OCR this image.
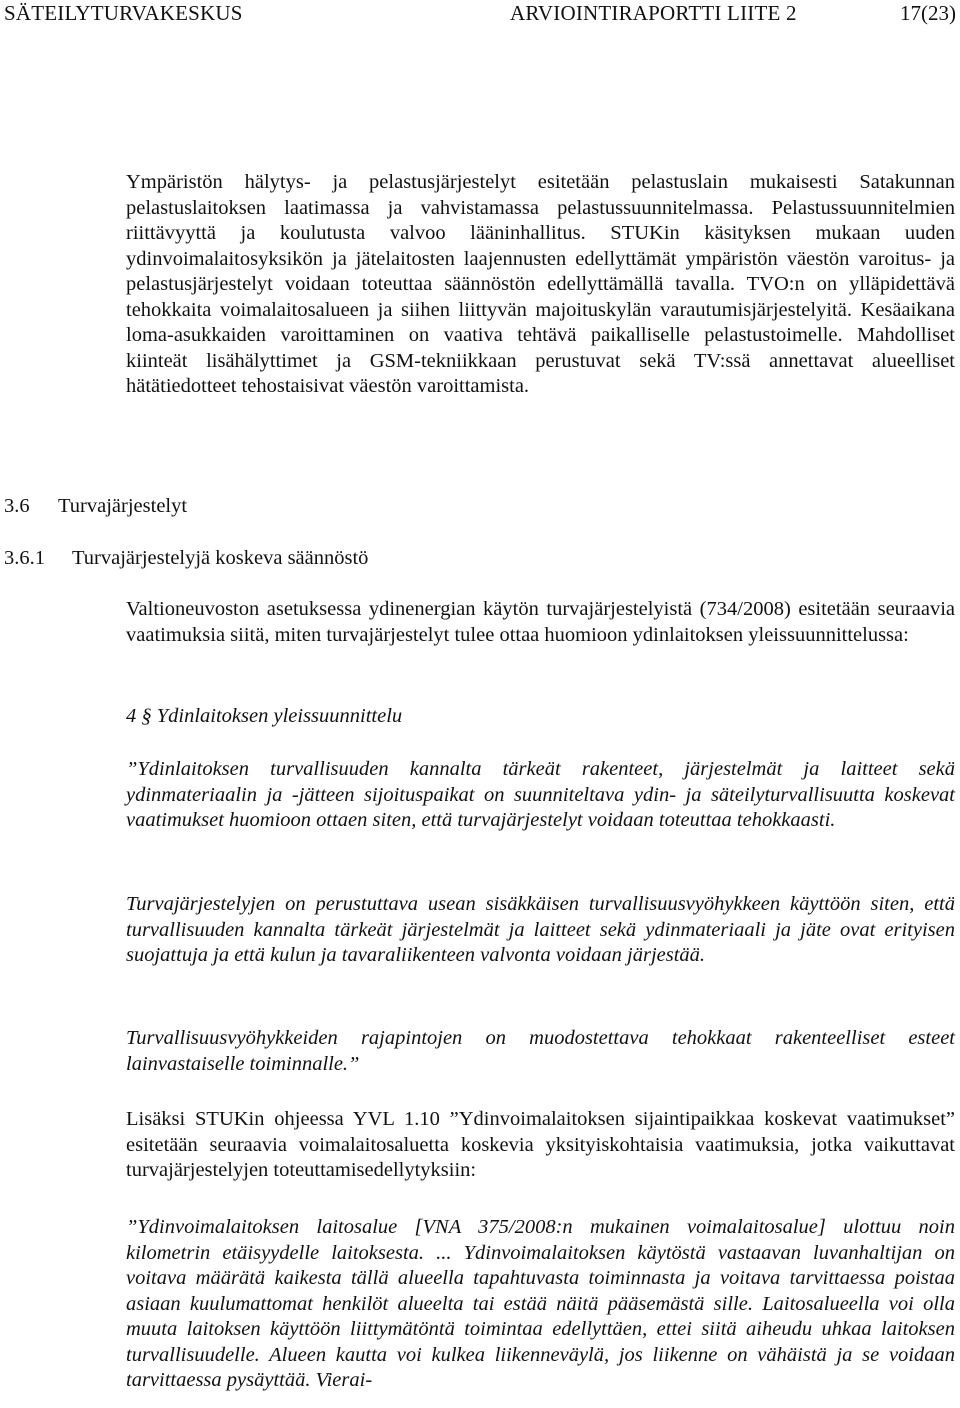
SÄTEILYTURVAKESKUS	ARVIOINTIRAPORTTI LIITE 2	17(23)

Ympäristön hälytys- ja pelastusjärjestelyt esitetään pelastuslain mukaisesti Satakunnan pelastuslaitoksen laatimassa ja vahvistamassa pelastussuunnitelmassa. Pelastussuunnitelmien riittävyyttä ja koulutusta valvoo lääninhallitus. STUKin käsityksen mukaan uuden ydinvoimalaitosyksikön ja jätelaitosten laajennusten edellyttämät ympäristön väestön varoitus- ja pelastusjärjestelyt voidaan toteuttaa säännöstön edellyttämällä tavalla. TVO:n on ylläpidettävä tehokkaita voimalaitosalueen ja siihen liittyvän majoituskylän varautumisjärjestelyitä. Kesäaikana loma-asukkaiden varoittaminen on vaativa tehtävä paikalliselle pelastustoimelle. Mahdolliset kiinteät lisähälyttimet ja GSM-tekniikkaan perustuvat sekä TV:ssä annettavat alueelliset hätätiedotteet tehostaisivat väestön varoittamista.

3.6 Turvajärjestelyt
3.6.1 Turvajärjestelyjä koskeva säännöstö

Valtioneuvoston asetuksessa ydinenergian käytön turvajärjestelyistä (734/2008) esitetään seuraavia vaatimuksia siitä, miten turvajärjestelyt tulee ottaa huomioon ydinlaitoksen yleissuunnittelussa:

4 § Ydinlaitoksen yleissuunnittelu

”Ydinlaitoksen turvallisuuden kannalta tärkeät rakenteet, järjestelmät ja laitteet sekä ydinmateriaalin ja -jätteen sijoituspaikat on suunniteltava ydin- ja säteilyturvallisuutta koskevat vaatimukset huomioon ottaen siten, että turvajärjestelyt voidaan toteuttaa tehokkaasti.

Turvajärjestelyjen on perustuttava usean sisäkkäisen turvallisuusvyöhykkeen käyttöön siten, että turvallisuuden kannalta tärkeät järjestelmät ja laitteet sekä ydinmateriaali ja jäte ovat erityisen suojattuja ja että kulun ja tavaraliikenteen valvonta voidaan järjestää.

Turvallisuusvyöhykkeiden rajapintojen on muodostettava tehokkaat rakenteelliset esteet lainvastaiselle toiminnalle.”

Lisäksi STUKin ohjeessa YVL 1.10 ”Ydinvoimalaitoksen sijaintipaikkaa koskevat vaatimukset” esitetään seuraavia voimalaitosaluetta koskevia yksityiskohtaisia vaatimuksia, jotka vaikuttavat turvajärjestelyjen toteuttamisedellytyksiin:

”Ydinvoimalaitoksen laitosalue [VNA 375/2008:n mukainen voimalaitosalue] ulottuu noin kilometrin etäisyydelle laitoksesta. ... Ydinvoimalaitoksen käytöstä vastaavan luvanhaltijan on voitava määrätä kaikesta tällä alueella tapahtuvasta toiminnasta ja voitava tarvittaessa poistaa asiaan kuulumattomat henkilöt alueelta tai estää näitä pääsemästä sille. Laitosalueella voi olla muuta laitoksen käyttöön liittymätöntä toimintaa edellyttäen, ettei siitä aiheudu uhkaa laitoksen turvallisuudelle. Alueen kautta voi kulkea liikenneväylä, jos liikenne on vähäistä ja se voidaan tarvittaessa pysäyttää. Vierai-
